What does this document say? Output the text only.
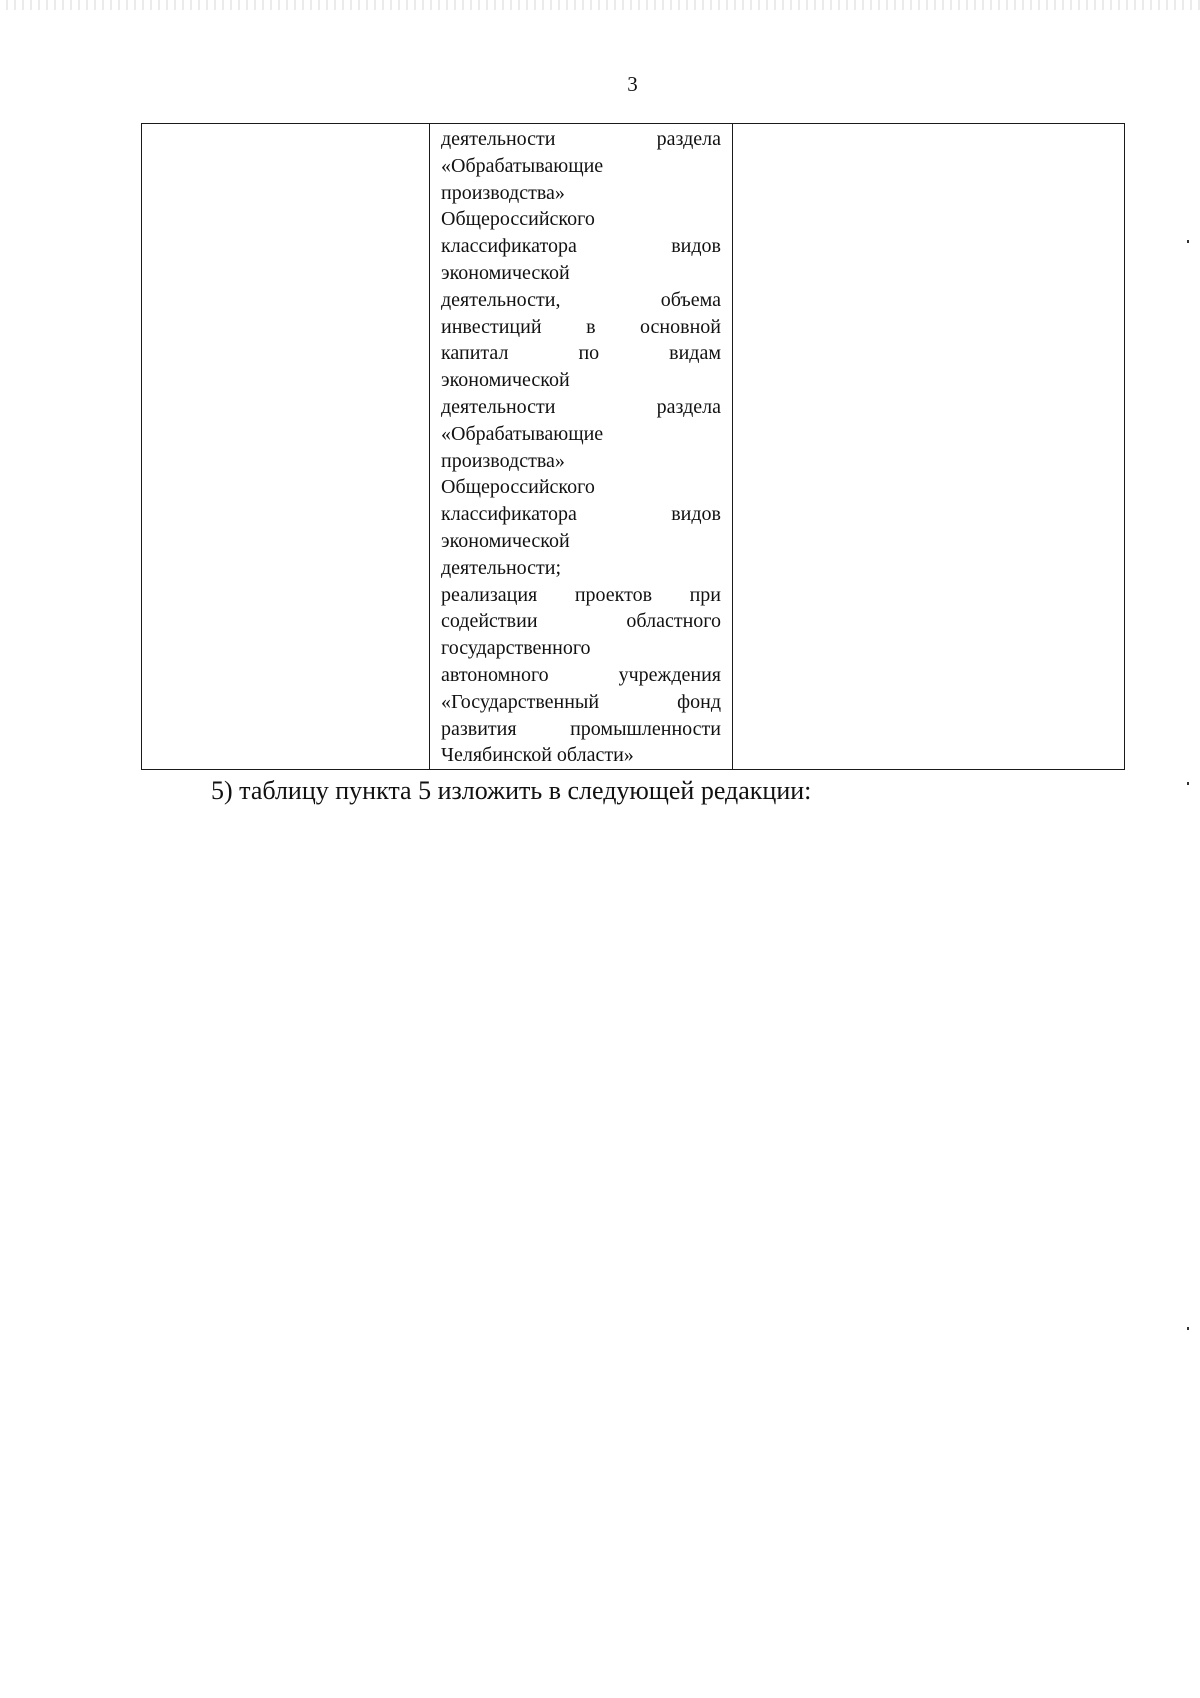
3

деятельности раздела
«Обрабатывающие
производства»
Общероссийского
классификатора видов
экономической
деятельности, объема
инвестиций в основной
капитал по видам
экономической
деятельности раздела
«Обрабатывающие
производства»
Общероссийского
классификатора видов
экономической
деятельности;
реализация проектов при
содействии областного
государственного
автономного учреждения
«Государственный фонд
развития промышленности
Челябинской области»

5) таблицу пункта 5 изложить в следующей редакции:
